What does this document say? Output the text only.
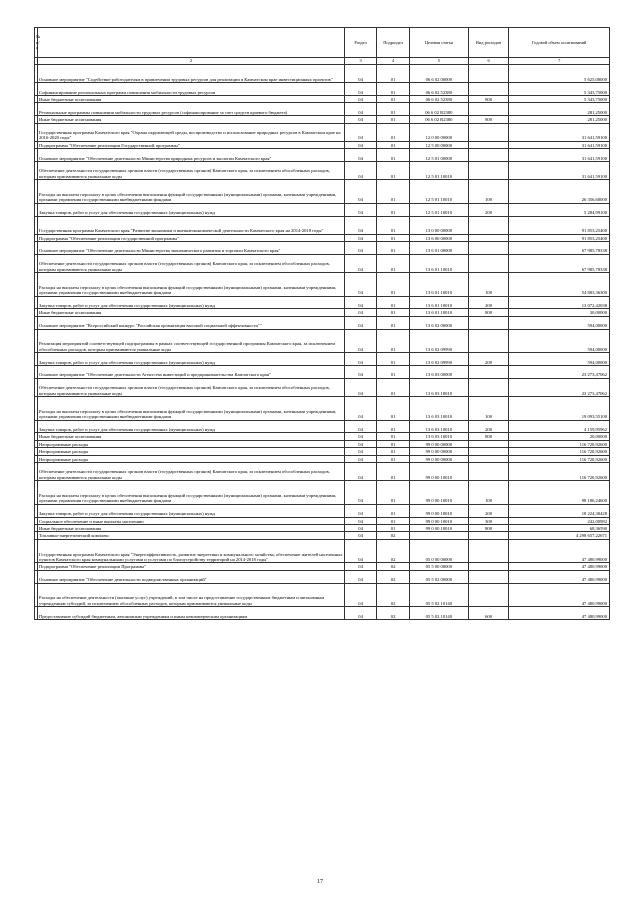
№ п/п		Раздел	Подраздел	Целевая статья	Вид расходов	Годовой объем ассигнований
1	2	3	4	5	6	7
	Основное мероприятие "Содействие работодателям в привлечении трудовых ресурсов для реализации в Камчатском крае инвестиционных проектов"	04	01	06 6 02 00000		5 625,00000
	Софинансирование региональных программ повышения мобильности трудовых ресурсов	04	01	06 6 02 52380		5 343,75000
	Иные бюджетные ассигнования	04	01	06 6 02 52380	800	5 343,75000
	Региональные программы повышения мобильности трудовых ресурсов (софинансирование за счет средств краевого бюджета)	04	01	06 6 02 R2380		281,25000
	Иные бюджетные ассигнования	04	01	06 6 02 R2380	800	281,25000
	Государственная программа Камчатского края "Охрана окружающей среды, воспроизводство и использование природных ресурсов в Камчатском крае на 2016-2020 годы"	04	01	12 0 00 00000		31 641,59100
	Подпрограмма "Обеспечение реализации Государственной программы"	04	01	12 5 00 00000		31 641,59100
	Основное мероприятие "Обеспечение деятельности Министерства природных ресурсов и экологии Камчатского края"	04	01	12 5 01 00000		31 641,59100
	Обеспечение деятельности государственных органов власти (государственных органов) Камчатского края, за исключением обособленных расходов, которым присваиваются уникальные коды	04	01	12 5 01 10010		31 641,59100
	Расходы на выплаты персоналу в целях обеспечения выполнения функций государственными (муниципальными) органами, казенными учреждениями, органами управления государственными внебюджетными фондами	04	01	12 5 01 10010	100	26 356,60000
	Закупка товаров, работ и услуг для обеспечения государственных (муниципальных) нужд	04	01	12 5 01 10010	200	5 284,99100
	Государственная программа Камчатского края "Развитие экономики и внешнеэкономической деятельности Камчатского края на 2014-2018 годы"	04	01	13 0 00 00000		91 853,25400
	Подпрограмма "Обеспечение реализации государственной программы"	04	01	13 6 00 00000		91 853,25400
	Основное мероприятие "Обеспечение деятельности Министерства экономического развития и торговли Камчатского края"	04	01	13 6 01 00000		67 985,78338
	Обеспечение деятельности государственных органов власти (государственных органов) Камчатского края, за исключением обособленных расходов, которым присваиваются уникальные коды	04	01	13 6 01 10010		67 985,78338
	Расходы на выплаты персоналу в целях обеспечения выполнения функций государственными (муниципальными) органами, казенными учреждениями, органами управления государственными внебюджетными фондами	04	01	13 6 01 10010	100	54 883,36300
	Закупка товаров, работ и услуг для обеспечения государственных (муниципальных) нужд	04	01	13 6 01 10010	200	13 072,42038
	Иные бюджетные ассигнования	04	01	13 6 01 10010	800	30,00000
	Основное мероприятие "Всероссийский конкурс "Российская организация высокой социальной эффективности""	04	01	13 6 02 00000		594,00000
	Реализация мероприятий соответствующей подпрограммы в рамках соответствующей государственной программы Камчатского края, за исключением обособленных расходов, которым присваиваются уникальные коды	04	01	13 6 02 09990		594,00000
	Закупка товаров, работ и услуг для обеспечения государственных (муниципальных) нужд	04	01	13 6 02 09990	200	594,00000
	Основное мероприятие "Обеспечение деятельности Агентства инвестиций и предпринимательства Камчатского края"	04	01	13 6 03 00000		23 273,47062
	Обеспечение деятельности государственных органов власти (государственных органов) Камчатского края, за исключением обособленных расходов, которым присваиваются уникальные коды	04	01	13 6 03 10010		23 273,47062
	Расходы на выплаты персоналу в целях обеспечения выполнения функций государственными (муниципальными) органами, казенными учреждениями, органами управления государственными внебюджетными фондами	04	01	13 6 03 10010	100	19 093,55100
	Закупка товаров, работ и услуг для обеспечения государственных (муниципальных) нужд	04	01	13 6 03 10010	200	4 159,95962
	Иные бюджетные ассигнования	04	01	13 6 03 10010	800	20,00000
	Непрограммные расходы	04	01	99 0 00 00000		116 720,92600
	Непрограммные расходы	04	01	99 0 00 00000		116 720,92600
	Непрограммные расходы	04	01	99 0 00 00000		116 720,92600
	Обеспечение деятельности государственных органов власти (государственных органов) Камчатского края, за исключением обособленных расходов, которым присваиваются уникальные коды	04	01	99 0 00 10010		116 720,92600
	Расходы на выплаты персоналу в целях обеспечения выполнения функций государственными (муниципальными) органами, казенными учреждениями, органами управления государственными внебюджетными фондами	04	01	99 0 00 10010	100	98 186,24600
	Закупка товаров, работ и услуг для обеспечения государственных (муниципальных) нужд	04	01	99 0 00 10010	200	18 224,30428
	Социальное обеспечение и иные выплаты населению	04	01	99 0 00 10010	300	242,00982
	Иные бюджетные ассигнования	04	01	99 0 00 10010	800	68,36590
	Топливно-энергетический комплекс	04	02			4 298 657,22671
	Государственная программа Камчатского края "Энергоэффективность, развитие энергетики и коммунального хозяйства, обеспечение жителей населенных пунктов Камчатского края коммунальными услугами и услугами по благоустройству территорий на 2014-2018 годы"	04	02	05 0 00 00000		47 480,99000
	Подпрограмма "Обеспечение реализации Программы"	04	02	05 5 00 00000		47 480,99000
	Основное мероприятие "Обеспечение деятельности подведомственных организаций"	04	02	05 5 02 00000		47 480,99000
	Расходы на обеспечение деятельности (оказание услуг) учреждений, в том числе на предоставление государственным бюджетным и автономным учреждениям субсидий, за исключением обособленных расходов, которым присваиваются уникальные коды	04	02	05 5 02 10140		47 480,99000
	Предоставление субсидий бюджетным, автономным учреждениям и иным некоммерческим организациям	04	02	05 5 02 10140	600	47 480,99000
17
